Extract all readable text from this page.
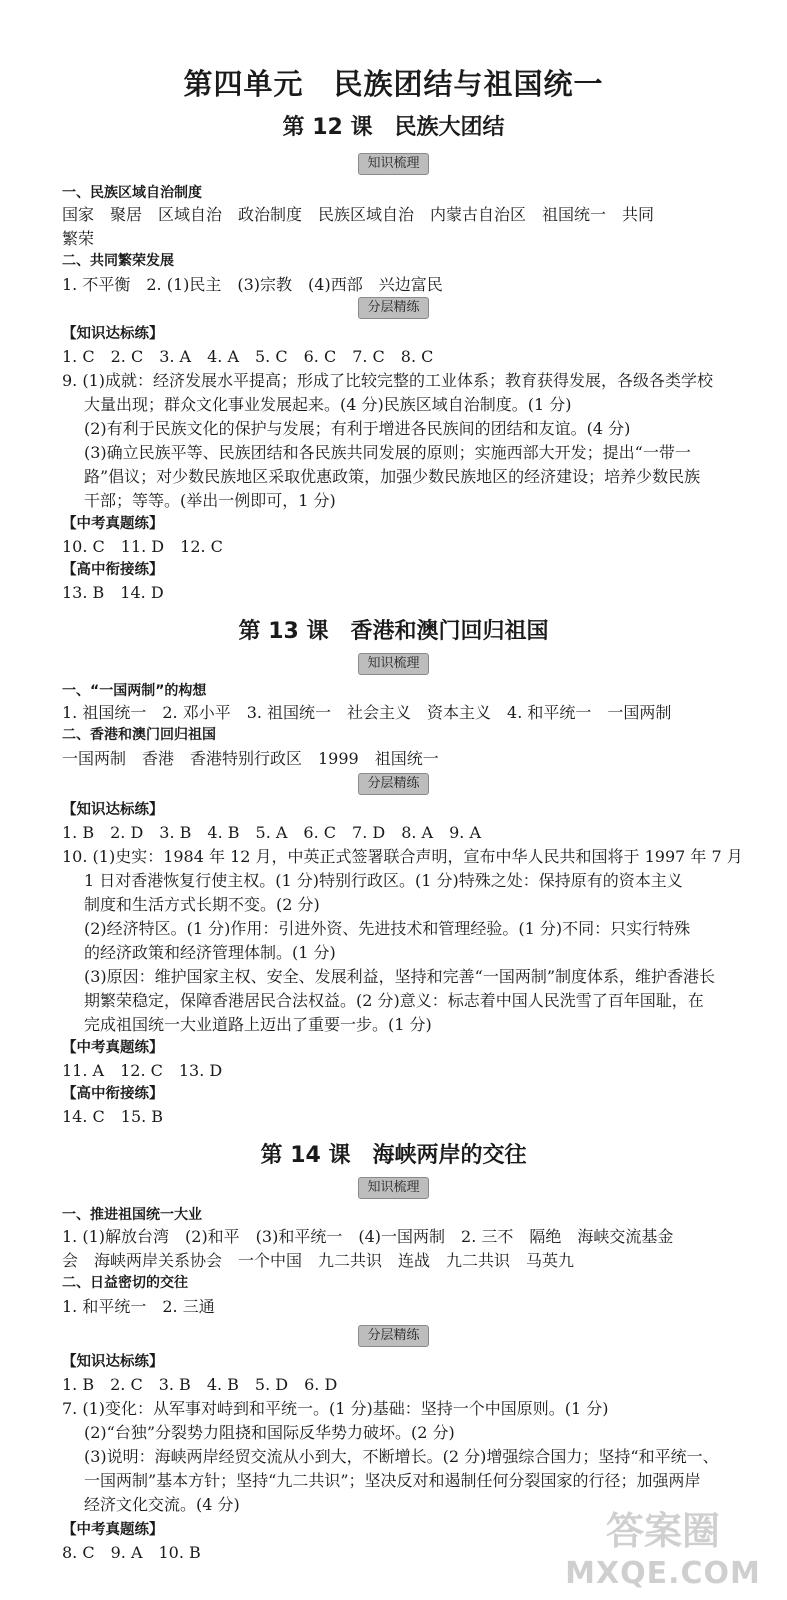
第四单元　民族团结与祖国统一
第 12 课　民族大团结
知识梳理
一、民族区域自治制度
国家　聚居　区域自治　政治制度　民族区域自治　内蒙古自治区　祖国统一　共同
繁荣
二、共同繁荣发展
1. 不平衡　2. (1)民主　(3)宗教　(4)西部　兴边富民
分层精练
【知识达标练】
1. C　2. C　3. A　4. A　5. C　6. C　7. C　8. C
9. (1)成就：经济发展水平提高；形成了比较完整的工业体系；教育获得发展，各级各类学校
大量出现；群众文化事业发展起来。(4 分)民族区域自治制度。(1 分)
(2)有利于民族文化的保护与发展；有利于增进各民族间的团结和友谊。(4 分)
(3)确立民族平等、民族团结和各民族共同发展的原则；实施西部大开发；提出“一带一
路”倡议；对少数民族地区采取优惠政策，加强少数民族地区的经济建设；培养少数民族
干部；等等。(举出一例即可，1 分)
【中考真题练】
10. C　11. D　12. C
【高中衔接练】
13. B　14. D
第 13 课　香港和澳门回归祖国
知识梳理
一、“一国两制”的构想
1. 祖国统一　2. 邓小平　3. 祖国统一　社会主义　资本主义　4. 和平统一　一国两制
二、香港和澳门回归祖国
一国两制　香港　香港特别行政区　1999　祖国统一
分层精练
【知识达标练】
1. B　2. D　3. B　4. B　5. A　6. C　7. D　8. A　9. A
10. (1)史实：1984 年 12 月，中英正式签署联合声明，宣布中华人民共和国将于 1997 年 7 月
1 日对香港恢复行使主权。(1 分)特别行政区。(1 分)特殊之处：保持原有的资本主义
制度和生活方式长期不变。(2 分)
(2)经济特区。(1 分)作用：引进外资、先进技术和管理经验。(1 分)不同：只实行特殊
的经济政策和经济管理体制。(1 分)
(3)原因：维护国家主权、安全、发展利益，坚持和完善“一国两制”制度体系，维护香港长
期繁荣稳定，保障香港居民合法权益。(2 分)意义：标志着中国人民洗雪了百年国耻，在
完成祖国统一大业道路上迈出了重要一步。(1 分)
【中考真题练】
11. A　12. C　13. D
【高中衔接练】
14. C　15. B
第 14 课　海峡两岸的交往
知识梳理
一、推进祖国统一大业
1. (1)解放台湾　(2)和平　(3)和平统一　(4)一国两制　2. 三不　隔绝　海峡交流基金
会　海峡两岸关系协会　一个中国　九二共识　连战　九二共识　马英九
二、日益密切的交往
1. 和平统一　2. 三通
分层精练
【知识达标练】
1. B　2. C　3. B　4. B　5. D　6. D
7. (1)变化：从军事对峙到和平统一。(1 分)基础：坚持一个中国原则。(1 分)
(2)“台独”分裂势力阻挠和国际反华势力破坏。(2 分)
(3)说明：海峡两岸经贸交流从小到大，不断增长。(2 分)增强综合国力；坚持“和平统一、
一国两制”基本方针；坚持“九二共识”；坚决反对和遏制任何分裂国家的行径；加强两岸
经济文化交流。(4 分)
【中考真题练】
8. C　9. A　10. B	答案圈
MXQE.COM
